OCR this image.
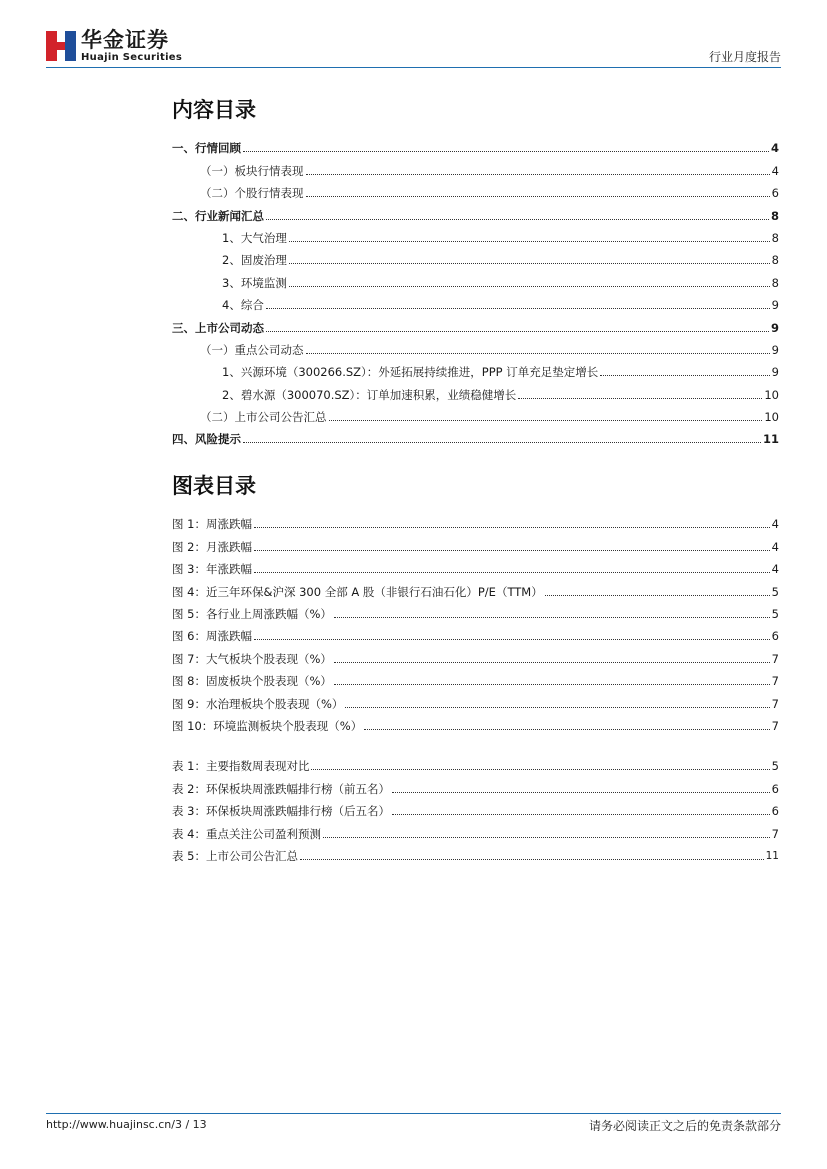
华金证券
Huajin Securities	行业月度报告
内容目录
一、行情回顾	4
（一）板块行情表现	4
（二）个股行情表现	6
二、行业新闻汇总	8
1、大气治理	8
2、固废治理	8
3、环境监测	8
4、综合	9
三、上市公司动态	9
（一）重点公司动态	9
1、兴源环境（300266.SZ）：外延拓展持续推进，PPP 订单充足垫定增长	9
2、碧水源（300070.SZ）：订单加速积累，业绩稳健增长	10
（二）上市公司公告汇总	10
四、风险提示	11
图表目录
图 1：周涨跌幅	4
图 2：月涨跌幅	4
图 3：年涨跌幅	4
图 4：近三年环保&沪深 300 全部 A 股（非银行石油石化）P/E（TTM）	5
图 5：各行业上周涨跌幅（%）	5
图 6：周涨跌幅	6
图 7：大气板块个股表现（%）	7
图 8：固废板块个股表现（%）	7
图 9：水治理板块个股表现（%）	7
图 10：环境监测板块个股表现（%）	7
表 1：主要指数周表现对比	5
表 2：环保板块周涨跌幅排行榜（前五名）	6
表 3：环保板块周涨跌幅排行榜（后五名）	6
表 4：重点关注公司盈利预测	7
表 5：上市公司公告汇总	11
http://www.huajinsc.cn/3 / 13	请务必阅读正文之后的免责条款部分
